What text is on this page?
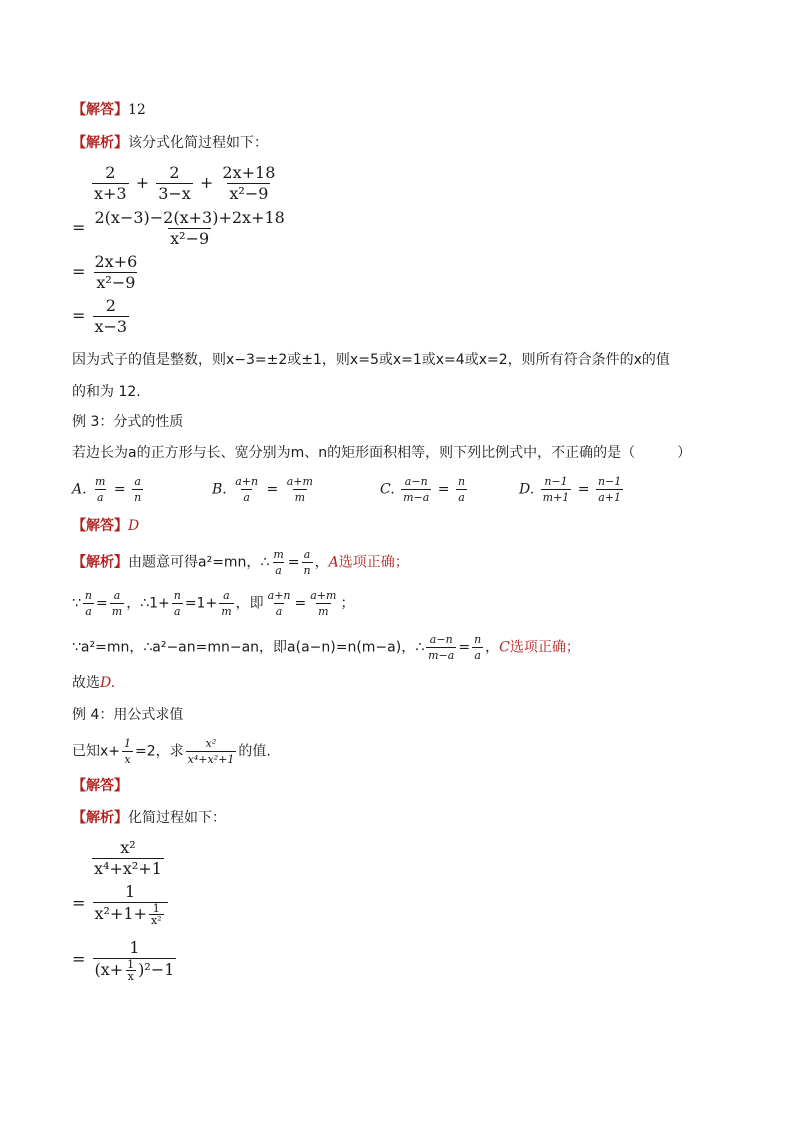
【解答】12
【解析】该分式化简过程如下：
$\frac{2}{x+3} + \frac{2}{3-x} + \frac{2x+18}{\text{x²−9}}$
= $\frac{2(x-3)-2(x+3)+2x+18}{\text{x²−9}}$
= $\frac{2x+6}{\text{x²−9}}$
= $\frac{2}{x-3}$
因为式子的值是整数，则x−3=±2或±1，则x=5或x=1或x=4或x=2，则所有符合条件的x的值
的和为 12.
例 3：分式的性质
若边长为a的正方形与长、宽分别为m、n的矩形面积相等，则下列比例式中，不正确的是（　　　）
A. $\frac{m}{a} = \frac{a}{n}$	B. $\frac{a+n}{a} = \frac{a+m}{m}$	C. $\frac{a-n}{m-a} = \frac{n}{a}$	D. $\frac{n-1}{m+1} = \frac{n-1}{a+1}$
【解答】D
【解析】由题意可得a²=mn，∴ $\frac{m}{a} = \frac{a}{n}$ ，A选项正确；
∵ $\frac{n}{a} = \frac{a}{m}$ ，∴1+ $\frac{n}{a} =1+ \frac{a}{m}$ ，即 $\frac{a+n}{a} = \frac{a+m}{m}$ ；
∵a²=mn，∴a²−an=mn−an，即a(a−n)=n(m−a)，∴ $\frac{a-n}{m-a} = \frac{n}{a}$ ，C选项正确；
故选D.
例 4：用公式求值
已知$x+ \frac{1}{x} =2$，求 $\frac{\text{x²}}{\text{x⁴+x²+1}}$ 的值.
【解答】
【解析】化简过程如下：
$\frac{\text{x²}}{\text{x⁴+x²+1}}$
= $\frac{1}{x^2+1+ \frac{1}{\text{x²}}}$
= $\frac{1}{(x+ \frac{1}{x} )^2-1}$
